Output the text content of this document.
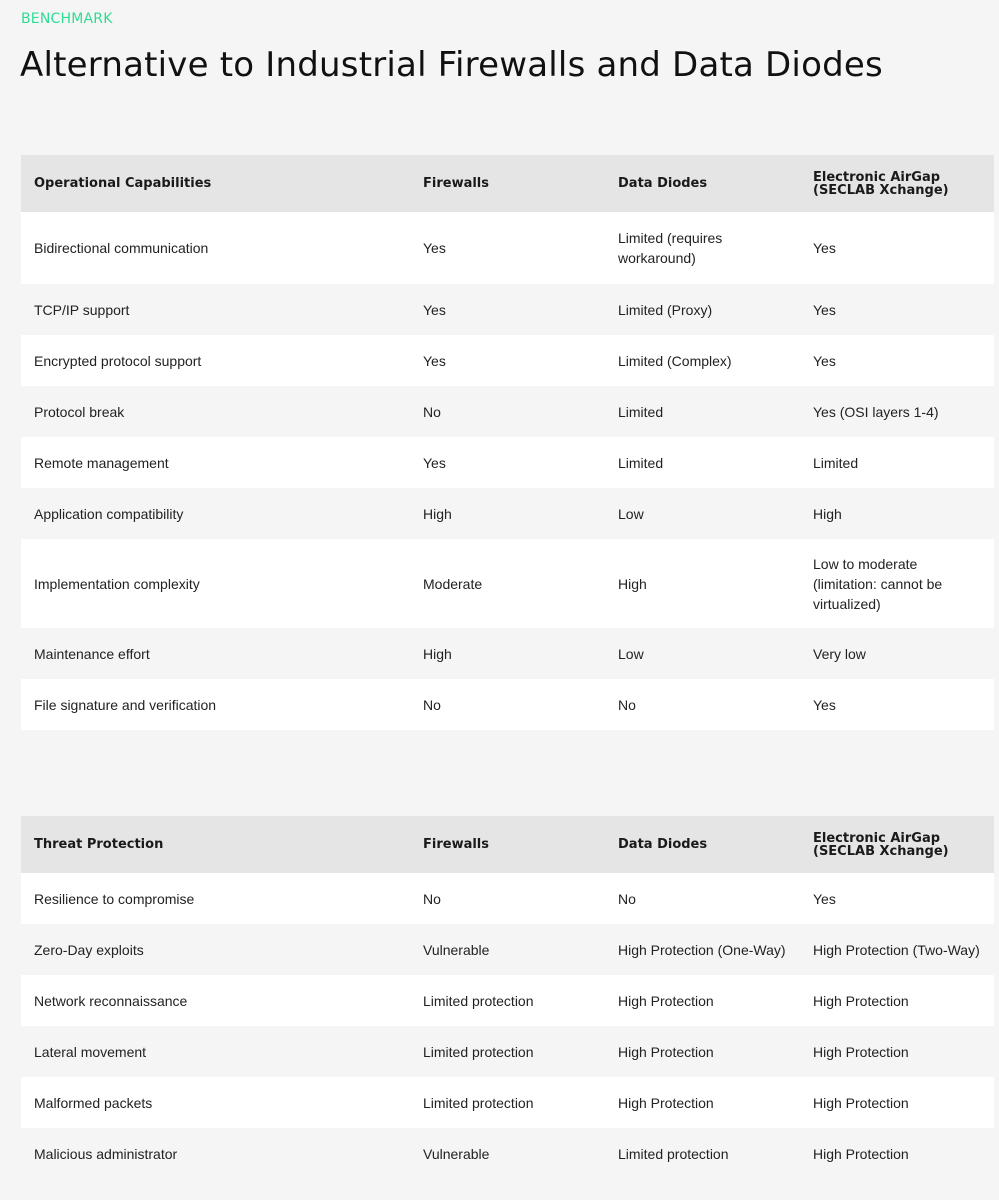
BENCHMARK
Alternative to Industrial Firewalls and Data Diodes
Operational Capabilities	Firewalls	Data Diodes	Electronic AirGap (SECLAB Xchange)
Bidirectional communication	Yes	Limited (requires workaround)	Yes
TCP/IP support	Yes	Limited (Proxy)	Yes
Encrypted protocol support	Yes	Limited (Complex)	Yes
Protocol break	No	Limited	Yes (OSI layers 1-4)
Remote management	Yes	Limited	Limited
Application compatibility	High	Low	High
Implementation complexity	Moderate	High	Low to moderate (limitation: cannot be virtualized)
Maintenance effort	High	Low	Very low
File signature and verification	No	No	Yes
Threat Protection	Firewalls	Data Diodes	Electronic AirGap (SECLAB Xchange)
Resilience to compromise	No	No	Yes
Zero-Day exploits	Vulnerable	High Protection (One-Way)	High Protection (Two-Way)
Network reconnaissance	Limited protection	High Protection	High Protection
Lateral movement	Limited protection	High Protection	High Protection
Malformed packets	Limited protection	High Protection	High Protection
Malicious administrator	Vulnerable	Limited protection	High Protection
